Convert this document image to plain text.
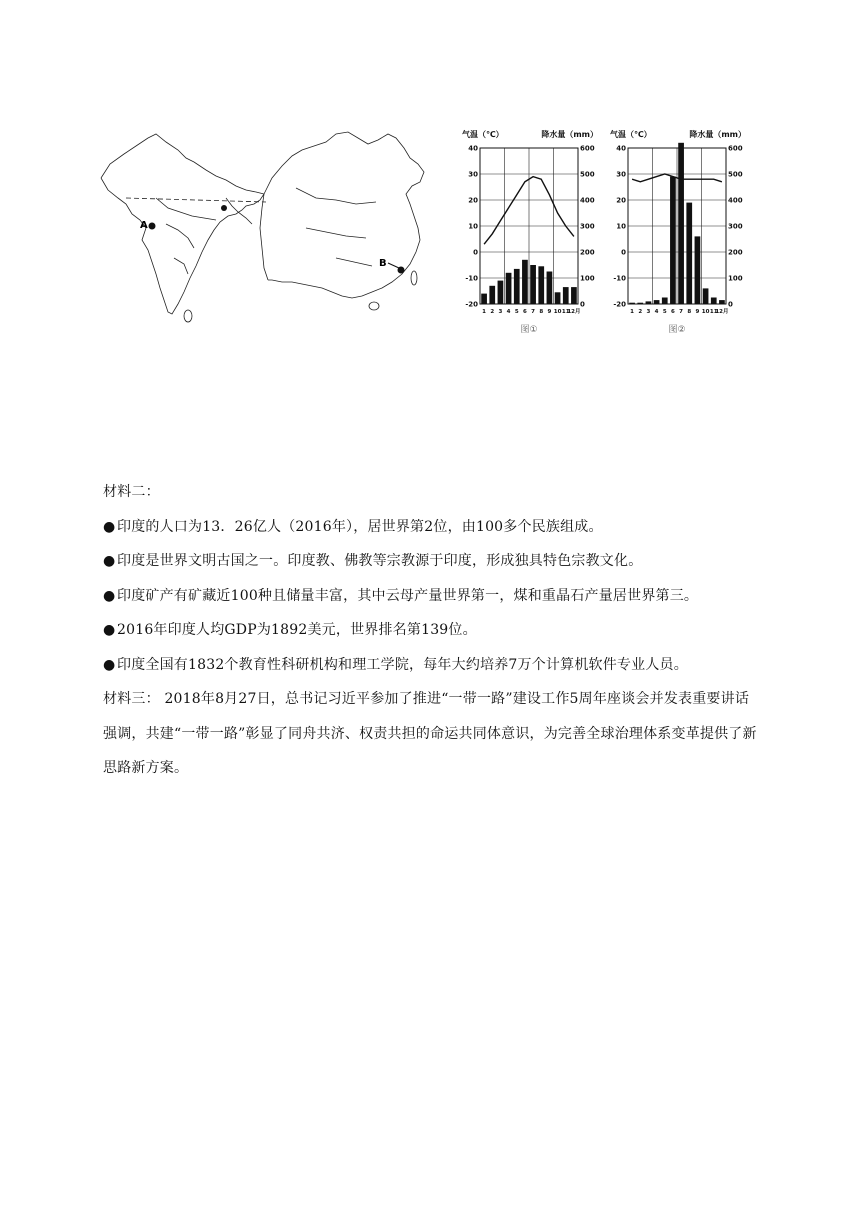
A
B
气温（℃）	降水量（mm）
40	600
30	500
20	400
10	300
0	200
-10	100
-20	0
1 2 3 4 5 6 7 8 9 10 11
12月
图①
气温（℃）	降水量（mm）
40	600
30	500
20	400
10	300
0	200
-10	100
-20	0
1 2 3 4 5 6 7 8 9 10 11
12月
图②

材料二：

● 印度的人口为13．26亿人（2016年），居世界第2位，由100多个民族组成。

● 印度是世界文明古国之一。印度教、佛教等宗教源于印度，形成独具特色宗教文化。

● 印度矿产有矿藏近100种且储量丰富，其中云母产量世界第一，煤和重晶石产量居世界第三。

● 2016年印度人均GDP为1892美元，世界排名第139位。

● 印度全国有1832个教育性科研机构和理工学院，每年大约培养7万个计算机软件专业人员。

材料三： 2018年8月27日，总书记习近平参加了推进“一带一路”建设工作5周年座谈会并发表重要讲话强调，共建“一带一路”彰显了同舟共济、权责共担的命运共同体意识，为完善全球治理体系变革提供了新思路新方案。
